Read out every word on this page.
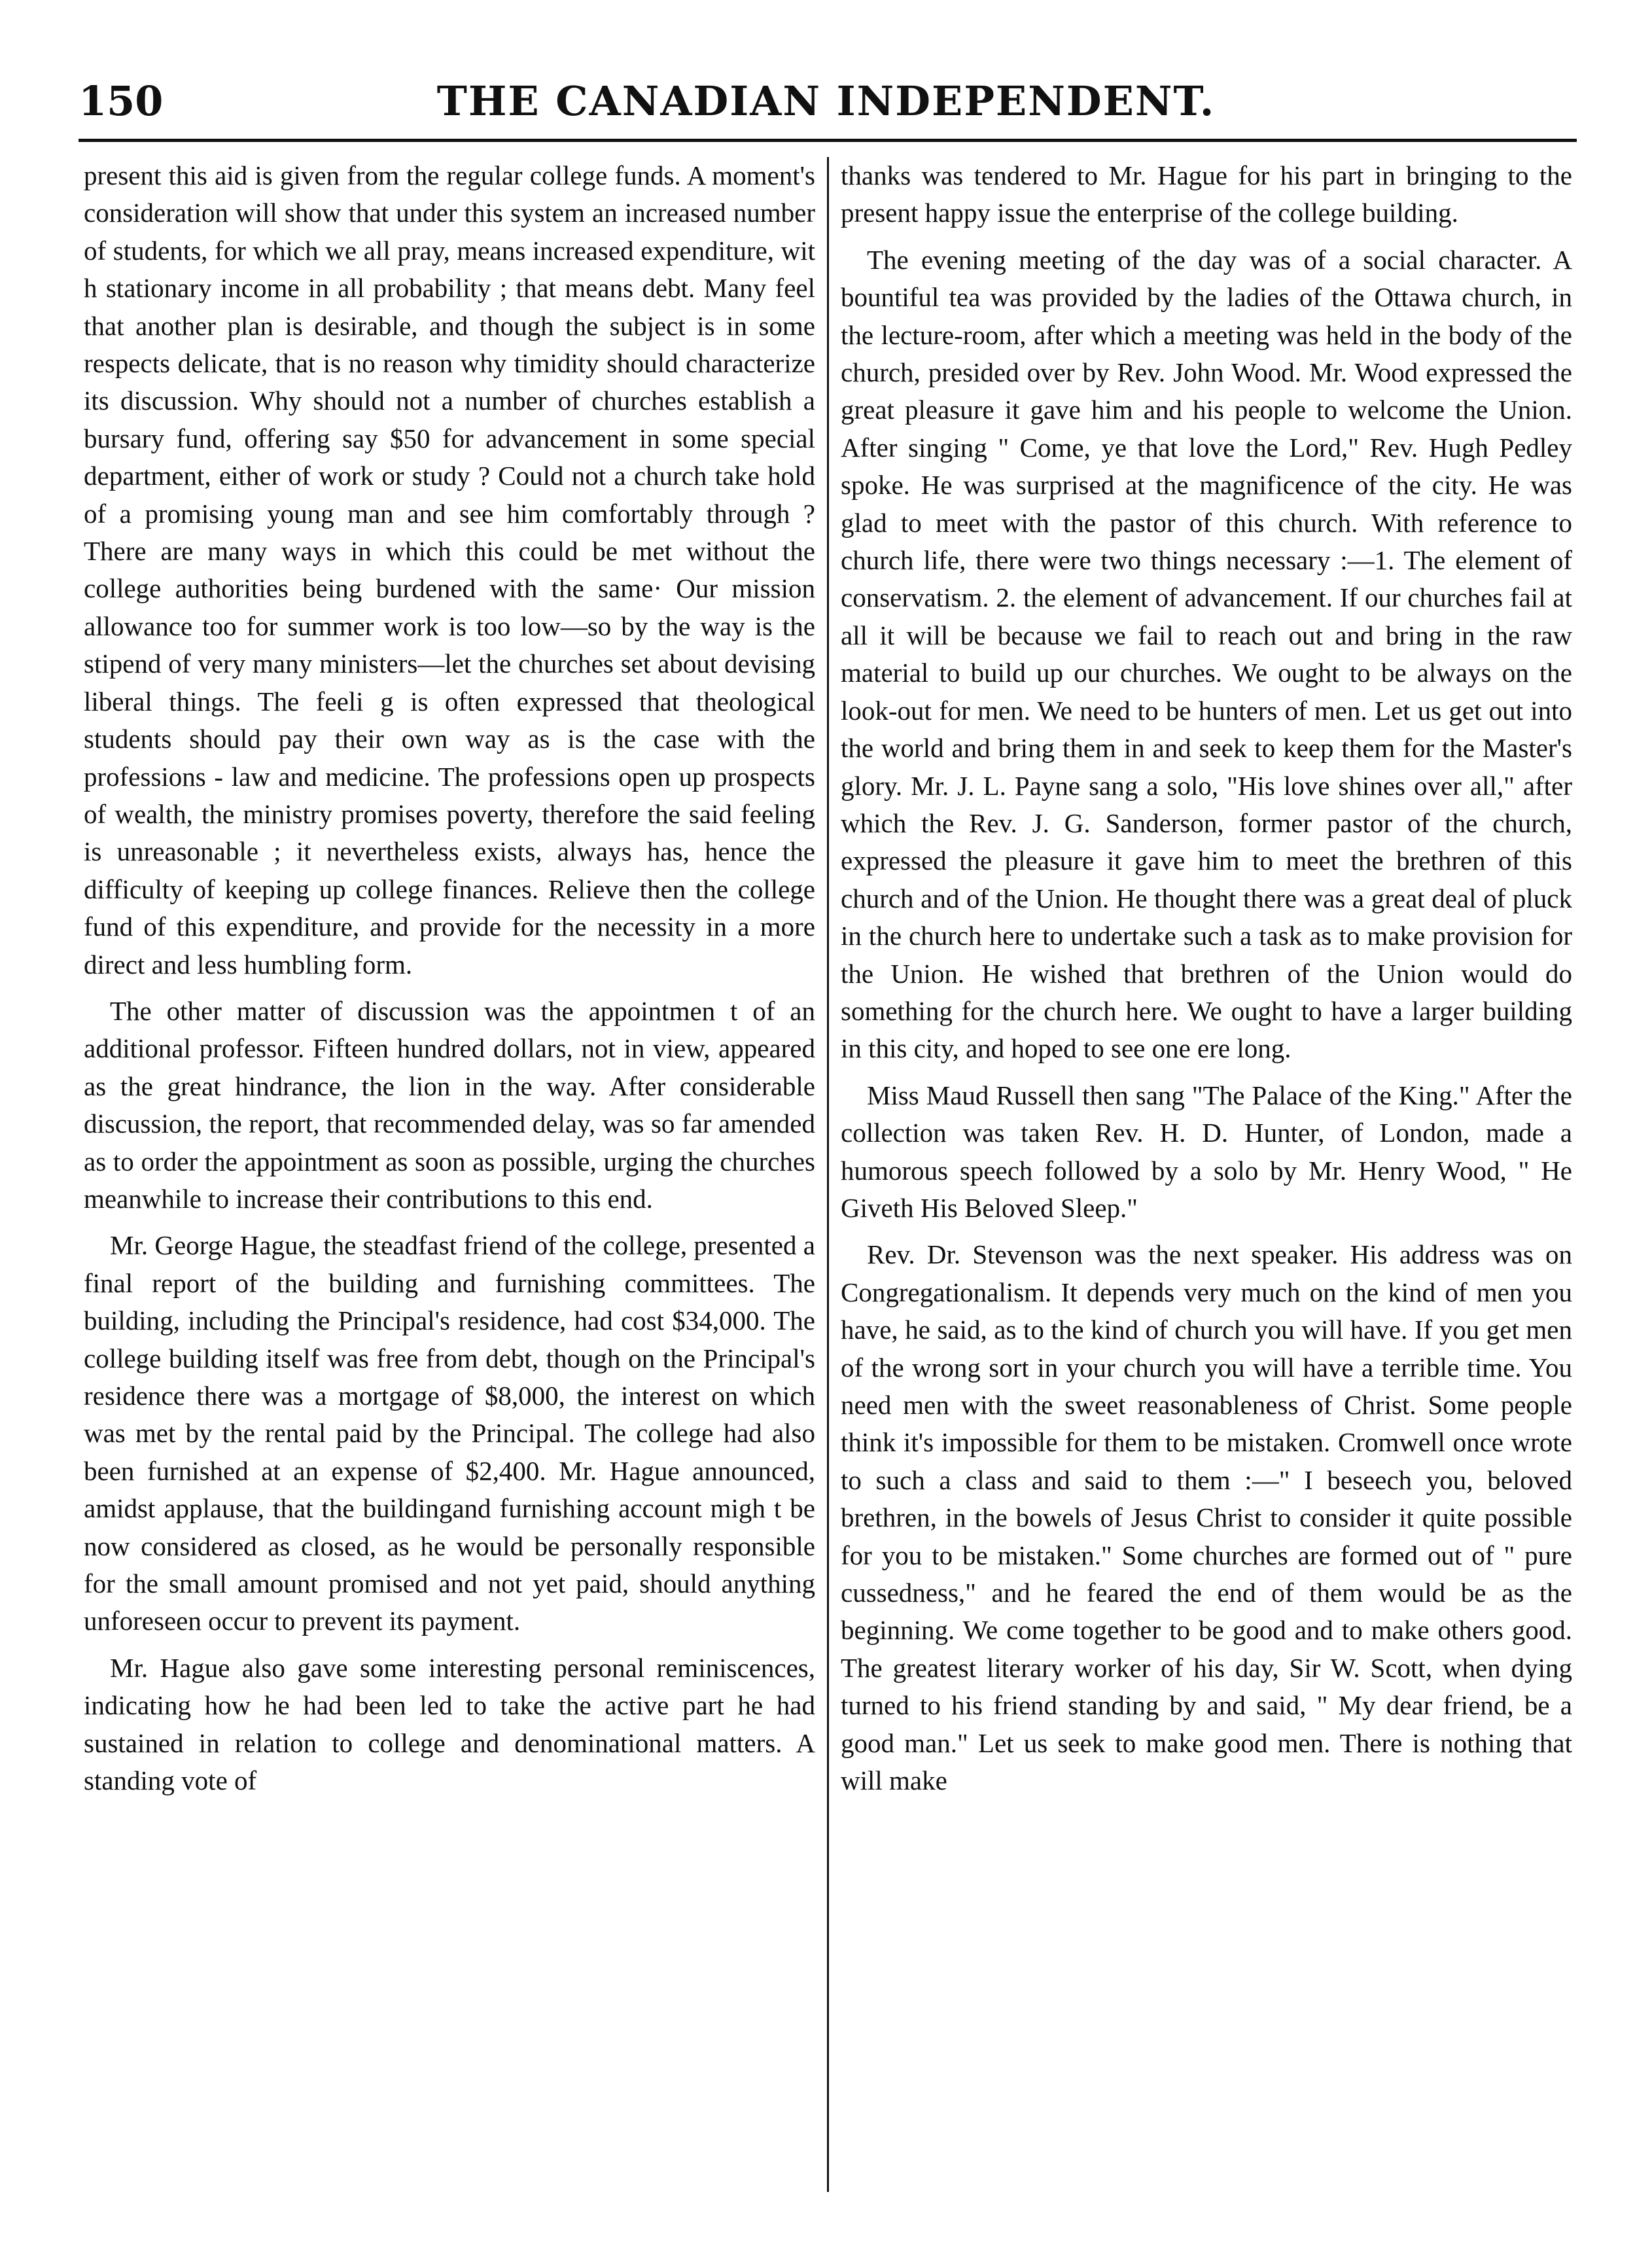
150	THE CANADIAN INDEPENDENT.

present this aid is given from the regular college funds. A moment's consideration will show that under this system an increased number of students, for which we all pray, means increased expenditure, wit h stationary income in all probability ; that means debt. Many feel that another plan is desirable, and though the subject is in some respects delicate, that is no reason why timidity should characterize its discussion. Why should not a number of churches establish a bursary fund, offering say $50 for advancement in some special department, either of work or study ? Could not a church take hold of a promising young man and see him comfortably through ? There are many ways in which this could be met without the college authorities being burdened with the same· Our mission allowance too for summer work is too low—so by the way is the stipend of very many ministers—let the churches set about devising liberal things. The feeli g is often expressed that theological students should pay their own way as is the case with the professions - law and medicine. The professions open up prospects of wealth, the ministry promises poverty, therefore the said feeling is unreasonable ; it nevertheless exists, always has, hence the difficulty of keeping up college finances. Relieve then the college fund of this expenditure, and provide for the necessity in a more direct and less humbling form.

The other matter of discussion was the appointmen t of an additional professor. Fifteen hundred dollars, not in view, appeared as the great hindrance, the lion in the way. After considerable discussion, the report, that recommended delay, was so far amended as to order the appointment as soon as possible, urging the churches meanwhile to increase their contributions to this end.

Mr. George Hague, the steadfast friend of the college, presented a final report of the building and furnishing committees. The building, including the Principal's residence, had cost $34,000. The college building itself was free from debt, though on the Principal's residence there was a mortgage of $8,000, the interest on which was met by the rental paid by the Principal. The college had also been furnished at an expense of $2,400. Mr. Hague announced, amidst applause, that the buildingand furnishing account migh t be now considered as closed, as he would be personally responsible for the small amount promised and not yet paid, should anything unforeseen occur to prevent its payment.

Mr. Hague also gave some interesting personal reminiscences, indicating how he had been led to take the active part he had sustained in relation to college and denominational matters. A standing vote of

thanks was tendered to Mr. Hague for his part in bringing to the present happy issue the enterprise of the college building.

The evening meeting of the day was of a social character. A bountiful tea was provided by the ladies of the Ottawa church, in the lecture-room, after which a meeting was held in the body of the church, presided over by Rev. John Wood. Mr. Wood expressed the great pleasure it gave him and his people to welcome the Union. After singing " Come, ye that love the Lord," Rev. Hugh Pedley spoke. He was surprised at the magnificence of the city. He was glad to meet with the pastor of this church. With reference to church life, there were two things necessary :—1. The element of conservatism. 2. the element of advancement. If our churches fail at all it will be because we fail to reach out and bring in the raw material to build up our churches. We ought to be always on the look-out for men. We need to be hunters of men. Let us get out into the world and bring them in and seek to keep them for the Master's glory. Mr. J. L. Payne sang a solo, "His love shines over all," after which the Rev. J. G. Sanderson, former pastor of the church, expressed the pleasure it gave him to meet the brethren of this church and of the Union. He thought there was a great deal of pluck in the church here to undertake such a task as to make provision for the Union. He wished that brethren of the Union would do something for the church here. We ought to have a larger building in this city, and hoped to see one ere long.

Miss Maud Russell then sang "The Palace of the King." After the collection was taken Rev. H. D. Hunter, of London, made a humorous speech followed by a solo by Mr. Henry Wood, " He Giveth His Beloved Sleep."

Rev. Dr. Stevenson was the next speaker. His address was on Congregationalism. It depends very much on the kind of men you have, he said, as to the kind of church you will have. If you get men of the wrong sort in your church you will have a terrible time. You need men with the sweet reasonableness of Christ. Some people think it's impossible for them to be mistaken. Cromwell once wrote to such a class and said to them :—" I beseech you, beloved brethren, in the bowels of Jesus Christ to consider it quite possible for you to be mistaken." Some churches are formed out of " pure cussedness," and he feared the end of them would be as the beginning. We come together to be good and to make others good. The greatest literary worker of his day, Sir W. Scott, when dying turned to his friend standing by and said, " My dear friend, be a good man." Let us seek to make good men. There is nothing that will make
